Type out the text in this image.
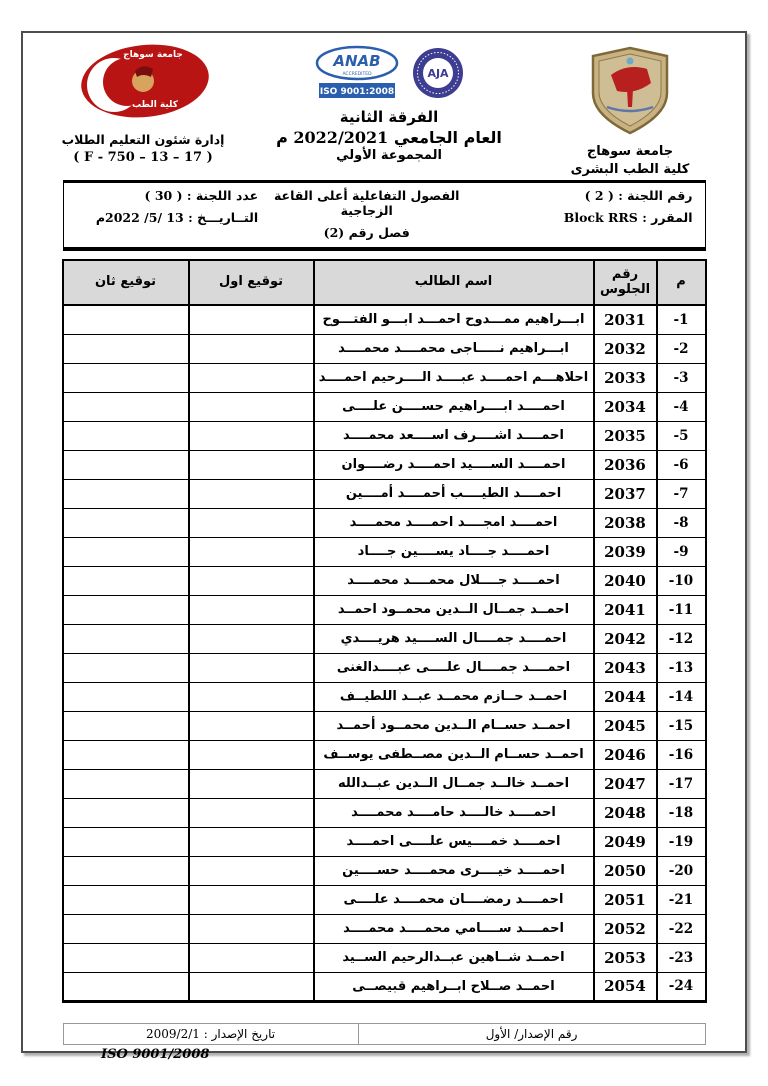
جامعة سوهاج
كلية الطب البشرى
ANAB
ACCREDITED
ISO 9001:2008
AJA
الفرقة الثانية
العام الجامعي 2022/2021 م
المجموعة الأولي
جامعة سوهاج
كلية الطب
إدارة شئون التعليم الطلاب
( F - 750 – 13 – 17 )
رقم اللجنة : ( 2 )
المقرر : Block RRS
الفصول التفاعلية أعلى القاعة الزجاجية
فصل رقم (2)
عدد اللجنة : ( 30 )
التــاريـــخ : 13 /5/ 2022م
م	رقم الجلوس	اسم الطالب	توقيع اول	توقيع ثان
1-	2031	ابـــراهيم ممـــدوح احمـــد ابـــو الفتـــوح		
2-	2032	ابـــراهيم نـــــاجى محمــــد محمــــد		
3-	2033	احلاهـــم احمــــد عبــــد الــــرحيم احمــــد		
4-	2034	احمــــد ابــــراهيم حســــن علــــى		
5-	2035	احمــــد اشــــرف اســــعد محمــــد		
6-	2036	احمــــد الســــيد احمــــد رضــــوان		
7-	2037	احمــــد الطيــــب أحمــــد أمــــين		
8-	2038	احمــــد امجــــد احمــــد محمــــد		
9-	2039	احمــــد جــــاد يســــين جــــاد		
10-	2040	احمــــد جــــلال محمــــد محمــــد		
11-	2041	احمــد جمــال الــدين محمــود احمــد		
12-	2042	احمــــد جمــــال الســــيد هريــــدي		
13-	2043	احمــــد جمــــال علــــى عبــــدالغنى		
14-	2044	احمــد حــازم محمــد عبــد اللطيــف		
15-	2045	احمــد حســام الــدين محمــود أحمــد		
16-	2046	احمــد حســام الــدين مصــطفى يوســف		
17-	2047	احمــد خالــد جمــال الــدين عبــدالله		
18-	2048	احمــــد خالــــد حامــــد محمــــد		
19-	2049	احمــــد خمــــيس علــــى احمــــد		
20-	2050	احمــــد خيــــرى محمــــد حســــين		
21-	2051	احمــــد رمضــــان محمــــد علــــى		
22-	2052	احمــــد ســــامي محمــــد محمــــد		
23-	2053	احمــد شــاهين عبــدالرحيم الســيد		
24-	2054	احمــد صــلاح ابــراهيم قبيصــى		
رقم الإصدار/ الأول
تاريخ الإصدار : 2009/2/1
ISO 9001/2008
